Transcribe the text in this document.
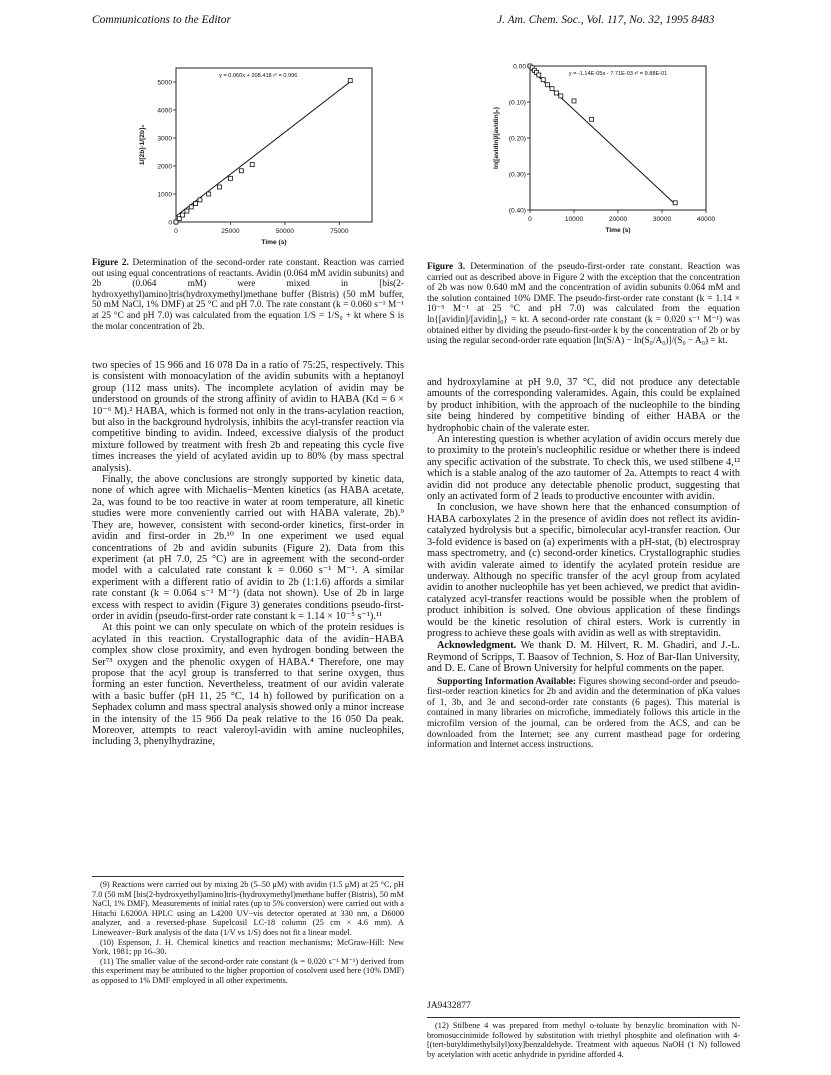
Communications to the Editor	J. Am. Chem. Soc., Vol. 117, No. 32, 1995 8483
y = 0.060x + 208.418 r² = 0.996
5000
4000
3000
2000
1000
0
0	25000	50000	75000
Time (s)
1/[2b]-1/[2b]₀
Figure 2. Determination of the second-order rate constant. Reaction was carried out using equal concentrations of reactants. Avidin (0.064 mM avidin subunits) and 2b (0.064 mM) were mixed in [bis(2-hydroxyethyl)amino]tris(hydroxymethyl)methane buffer (Bistris) (50 mM buffer, 50 mM NaCl, 1% DMF) at 25 °C and pH 7.0. The rate constant (k = 0.060 s⁻¹ M⁻¹ at 25 °C and pH 7.0) was calculated from the equation 1/S = 1/S₀ + kt where S is the molar concentration of 2b.
y = -1.14E-05x - 7.71E-03 r² = 9.88E-01
0.00
(0.10)
(0.20)
(0.30)
(0.40)
0	10000	20000	30000	40000
Time (s)
ln([avidin]/[avidin]₀)
Figure 3. Determination of the pseudo-first-order rate constant. Reaction was carried out as described above in Figure 2 with the exception that the concentration of 2b was now 0.640 mM and the concentration of avidin subunits 0.064 mM and the solution contained 10% DMF. The pseudo-first-order rate constant (k = 1.14 × 10⁻⁵ M⁻¹ at 25 °C and pH 7.0) was calculated from the equation ln{[avidin]/[avidin]₀} = kt. A second-order rate constant (k = 0.020 s⁻¹ M⁻¹) was obtained either by dividing the pseudo-first-order k by the concentration of 2b or by using the regular second-order rate equation [ln(S/A) − ln(S₀/A₀)]/(S₀ − A₀) = kt.

two species of 15 966 and 16 078 Da in a ratio of 75:25, respectively. This is consistent with monoacylation of the avidin subunits with a heptanoyl group (112 mass units). The incomplete acylation of avidin may be understood on grounds of the strong affinity of avidin to HABA (Kd = 6 × 10⁻⁶ M).² HABA, which is formed not only in the trans-acylation reaction, but also in the background hydrolysis, inhibits the acyl-transfer reaction via competitive binding to avidin. Indeed, excessive dialysis of the product mixture followed by treatment with fresh 2b and repeating this cycle five times increases the yield of acylated avidin up to 80% (by mass spectral analysis).

Finally, the above conclusions are strongly supported by kinetic data, none of which agree with Michaelis−Menten kinetics (as HABA acetate, 2a, was found to be too reactive in water at room temperature, all kinetic studies were more conveniently carried out with HABA valerate, 2b).⁹ They are, however, consistent with second-order kinetics, first-order in avidin and first-order in 2b.¹⁰ In one experiment we used equal concentrations of 2b and avidin subunits (Figure 2). Data from this experiment (at pH 7.0, 25 °C) are in agreement with the second-order model with a calculated rate constant k = 0.060 s⁻¹ M⁻¹. A similar experiment with a different ratio of avidin to 2b (1:1.6) affords a similar rate constant (k = 0.064 s⁻¹ M⁻¹) (data not shown). Use of 2b in large excess with respect to avidin (Figure 3) generates conditions pseudo-first-order in avidin (pseudo-first-order rate constant k = 1.14 × 10⁻⁵ s⁻¹).¹¹

At this point we can only speculate on which of the protein residues is acylated in this reaction. Crystallographic data of the avidin−HABA complex show close proximity, and even hydrogen bonding between the Ser⁷³ oxygen and the phenolic oxygen of HABA.⁴ Therefore, one may propose that the acyl group is transferred to that serine oxygen, thus forming an ester function. Nevertheless, treatment of our avidin valerate with a basic buffer (pH 11, 25 °C, 14 h) followed by purification on a Sephadex column and mass spectral analysis showed only a minor increase in the intensity of the 15 966 Da peak relative to the 16 050 Da peak. Moreover, attempts to react valeroyl-avidin with amine nucleophiles, including 3, phenylhydrazine,

(9) Reactions were carried out by mixing 2b (5–50 μM) with avidin (1.5 μM) at 25 °C, pH 7.0 (50 mM [bis(2-hydroxyethyl)amino]tris-(hydroxymethyl)methane buffer (Bistris), 50 mM NaCl, 1% DMF). Measurements of initial rates (up to 5% conversion) were carried out with a Hitachi L6200A HPLC using an L4200 UV−vis detector operated at 330 nm, a D6000 analyzer, and a reversed-phase Supelcosil LC-18 column (25 cm × 4.6 mm). A Lineweaver−Burk analysis of the data (1/V vs 1/S) does not fit a linear model.

(10) Espenson, J. H. Chemical kinetics and reaction mechanisms; McGraw-Hill: New York, 1981; pp 16–30.

(11) The smaller value of the second-order rate constant (k = 0.020 s⁻¹ M⁻¹) derived from this experiment may be attributed to the higher proportion of cosolvent used here (10% DMF) as opposed to 1% DMF employed in all other experiments.

and hydroxylamine at pH 9.0, 37 °C, did not produce any detectable amounts of the corresponding valeramides. Again, this could be explained by product inhibition, with the approach of the nucleophile to the binding site being hindered by competitive binding of either HABA or the hydrophobic chain of the valerate ester.

An interesting question is whether acylation of avidin occurs merely due to proximity to the protein's nucleophilic residue or whether there is indeed any specific activation of the substrate. To check this, we used stilbene 4,¹² which is a stable analog of the azo tautomer of 2a. Attempts to react 4 with avidin did not produce any detectable phenolic product, suggesting that only an activated form of 2 leads to productive encounter with avidin.

In conclusion, we have shown here that the enhanced consumption of HABA carboxylates 2 in the presence of avidin does not reflect its avidin-catalyzed hydrolysis but a specific, bimolecular acyl-transfer reaction. Our 3-fold evidence is based on (a) experiments with a pH-stat, (b) electrospray mass spectrometry, and (c) second-order kinetics. Crystallographic studies with avidin valerate aimed to identify the acylated protein residue are underway. Although no specific transfer of the acyl group from acylated avidin to another nucleophile has yet been achieved, we predict that avidin-catalyzed acyl-transfer reactions would be possible when the problem of product inhibition is solved. One obvious application of these findings would be the kinetic resolution of chiral esters. Work is currently in progress to achieve these goals with avidin as well as with streptavidin.

Acknowledgment. We thank D. M. Hilvert, R. M. Ghadiri, and J.-L. Reymond of Scripps, T. Baasov of Technion, S. Hoz of Bar-Ilan University, and D. E. Cane of Brown University for helpful comments on the paper.

Supporting Information Available: Figures showing second-order and pseudo-first-order reaction kinetics for 2b and avidin and the determination of pKa values of 1, 3b, and 3e and second-order rate constants (6 pages). This material is contained in many libraries on microfiche, immediately follows this article in the microfilm version of the journal, can be ordered from the ACS, and can be downloaded from the Internet; see any current masthead page for ordering information and Internet access instructions.

JA9432877

(12) Stilbene 4 was prepared from methyl o-toluate by benzylic bromination with N-bromosuccinimide followed by substitution with triethyl phosphite and olefination with 4-[(tert-butyldimethylsilyl)oxy]benzaldehyde. Treatment with aqueous NaOH (1 N) followed by acetylation with acetic anhydride in pyridine afforded 4.
